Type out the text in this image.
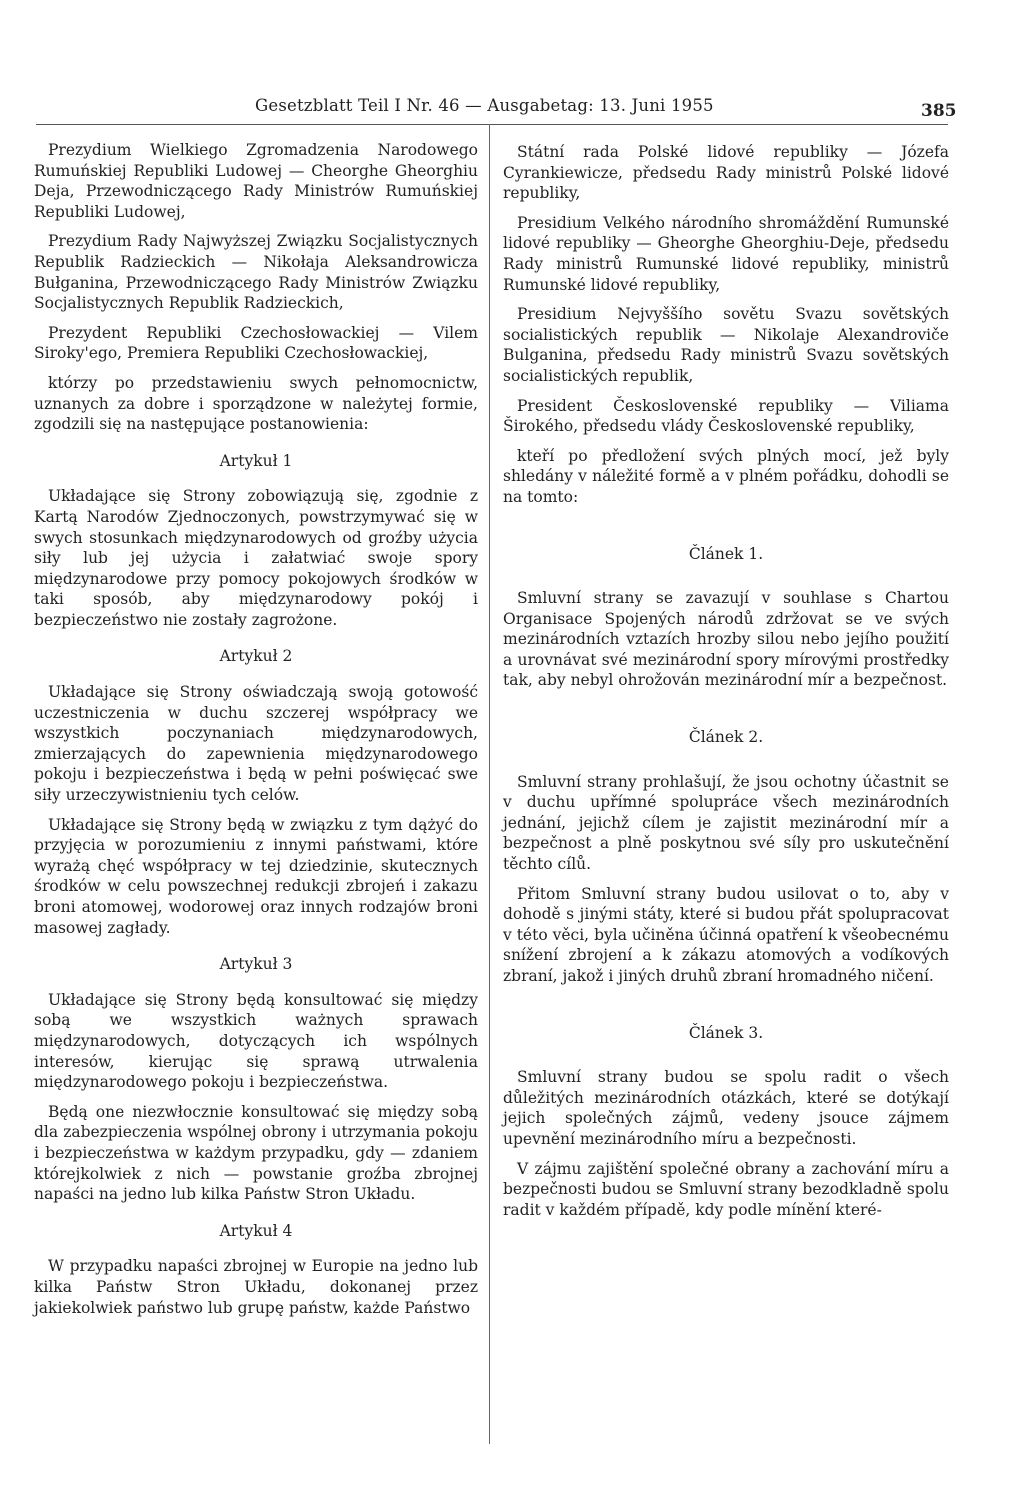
Gesetzblatt Teil I Nr. 46 — Ausgabetag: 13. Juni 1955	385

Prezydium Wielkiego Zgromadzenia Narodowego Rumuńskiej Republiki Ludowej — Cheorghe Gheorghiu Deja, Przewodniczącego Rady Ministrów Rumuńskiej Republiki Ludowej,

Prezydium Rady Najwyższej Związku Socjalistycznych Republik Radzieckich — Nikołaja Aleksandrowicza Bułganina, Przewodniczącego Rady Ministrów Związku Socjalistycznych Republik Radzieckich,

Prezydent Republiki Czechosłowackiej — Vilem Siroky'ego, Premiera Republiki Czechosłowackiej,

którzy po przedstawieniu swych pełnomocnictw, uznanych za dobre i sporządzone w należytej formie, zgodzili się na następujące postanowienia:

Artykuł 1

Układające się Strony zobowiązują się, zgodnie z Kartą Narodów Zjednoczonych, powstrzymywać się w swych stosunkach międzynarodowych od groźby użycia siły lub jej użycia i załatwiać swoje spory międzynarodowe przy pomocy pokojowych środków w taki sposób, aby międzynarodowy pokój i bezpieczeństwo nie zostały zagrożone.

Artykuł 2

Układające się Strony oświadczają swoją gotowość uczestniczenia w duchu szczerej współpracy we wszystkich poczynaniach międzynarodowych, zmierzających do zapewnienia międzynarodowego pokoju i bezpieczeństwa i będą w pełni poświęcać swe siły urzeczywistnieniu tych celów.

Układające się Strony będą w związku z tym dążyć do przyjęcia w porozumieniu z innymi państwami, które wyrażą chęć współpracy w tej dziedzinie, skutecznych środków w celu powszechnej redukcji zbrojeń i zakazu broni atomowej, wodorowej oraz innych rodzajów broni masowej zagłady.

Artykuł 3

Układające się Strony będą konsultować się między sobą we wszystkich ważnych sprawach międzynarodowych, dotyczących ich wspólnych interesów, kierując się sprawą utrwalenia międzynarodowego pokoju i bezpieczeństwa.

Będą one niezwłocznie konsultować się między sobą dla zabezpieczenia wspólnej obrony i utrzymania pokoju i bezpieczeństwa w każdym przypadku, gdy — zdaniem którejkolwiek z nich — powstanie groźba zbrojnej napaści na jedno lub kilka Państw Stron Układu.

Artykuł 4

W przypadku napaści zbrojnej w Europie na jedno lub kilka Państw Stron Układu, dokonanej przez jakiekolwiek państwo lub grupę państw, każde Państwo

Státní rada Polské lidové republiky — Józefa Cyrankiewicze, předsedu Rady ministrů Polské lidové republiky,

Presidium Velkého národního shromáždění Rumunské lidové republiky — Gheorghe Gheorghiu-Deje, předsedu Rady ministrů Rumunské lidové republiky, ministrů Rumunské lidové republiky,

Presidium Nejvyššího sovětu Svazu sovětských socialistických republik — Nikolaje Alexandroviče Bulganina, předsedu Rady ministrů Svazu sovětských socialistických republik,

President Československé republiky — Viliama Širokého, předsedu vlády Československé republiky,

kteří po předložení svých plných mocí, jež byly shledány v náležité formě a v plném pořádku, dohodli se na tomto:

Článek 1.

Smluvní strany se zavazují v souhlase s Chartou Organisace Spojených národů zdržovat se ve svých mezinárodních vztazích hrozby silou nebo jejího použití a urovnávat své mezinárodní spory mírovými prostředky tak, aby nebyl ohrožován mezinárodní mír a bezpečnost.

Článek 2.

Smluvní strany prohlašují, že jsou ochotny účastnit se v duchu upřímné spolupráce všech mezinárodních jednání, jejichž cílem je zajistit mezinárodní mír a bezpečnost a plně poskytnou své síly pro uskutečnění těchto cílů.

Přitom Smluvní strany budou usilovat o to, aby v dohodě s jinými státy, které si budou přát spolupracovat v této věci, byla učiněna účinná opatření k všeobecnému snížení zbrojení a k zákazu atomových a vodíkových zbraní, jakož i jiných druhů zbraní hromadného ničení.

Článek 3.

Smluvní strany budou se spolu radit o všech důležitých mezinárodních otázkách, které se dotýkají jejich společných zájmů, vedeny jsouce zájmem upevnění mezinárodního míru a bezpečnosti.

V zájmu zajištění společné obrany a zachování míru a bezpečnosti budou se Smluvní strany bezodkladně spolu radit v každém případě, kdy podle mínění které-
